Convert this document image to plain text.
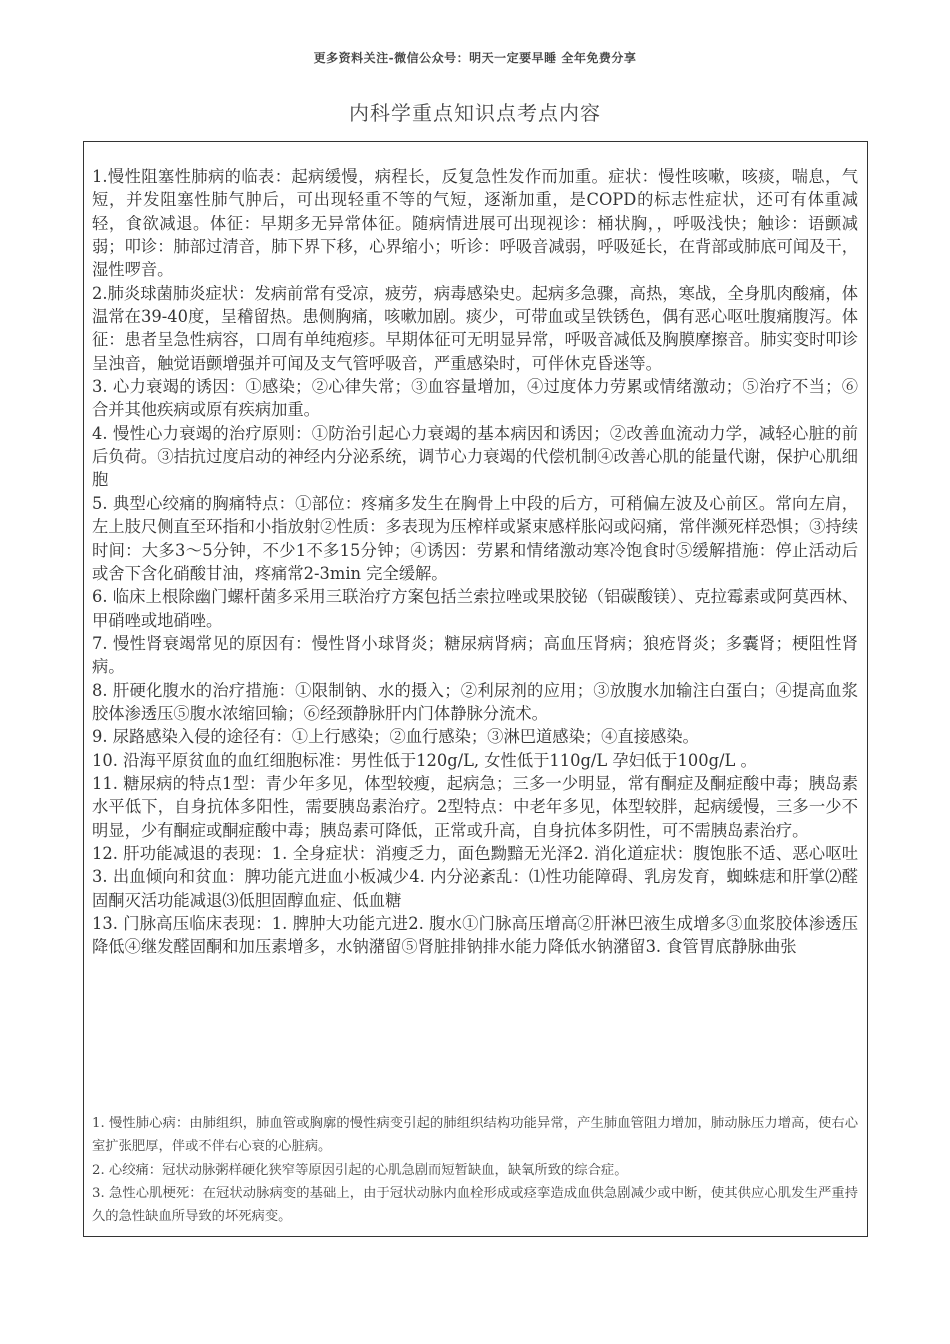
更多资料关注-微信公众号：明天一定要早睡 全年免费分享
内科学重点知识点考点内容

1.慢性阻塞性肺病的临表：起病缓慢，病程长，反复急性发作而加重。症状：慢性咳嗽，咳痰，喘息，气短，并发阻塞性肺气肿后，可出现轻重不等的气短，逐渐加重，是COPD的标志性症状，还可有体重减轻，食欲减退。体征：早期多无异常体征。随病情进展可出现视诊：桶状胸，，呼吸浅快；触诊：语颤减弱；叩诊：肺部过清音，肺下界下移，心界缩小；听诊：呼吸音减弱，呼吸延长，在背部或肺底可闻及干，湿性啰音。

2.肺炎球菌肺炎症状：发病前常有受凉，疲劳，病毒感染史。起病多急骤，高热，寒战，全身肌肉酸痛，体温常在39-40度，呈稽留热。患侧胸痛，咳嗽加剧。痰少，可带血或呈铁锈色，偶有恶心呕吐腹痛腹泻。体征：患者呈急性病容，口周有单纯疱疹。早期体征可无明显异常，呼吸音减低及胸膜摩擦音。肺实变时叩诊呈浊音，触觉语颤增强并可闻及支气管呼吸音，严重感染时，可伴休克昏迷等。

3. 心力衰竭的诱因：①感染；②心律失常；③血容量增加，④过度体力劳累或情绪激动；⑤治疗不当；⑥合并其他疾病或原有疾病加重。

4. 慢性心力衰竭的治疗原则：①防治引起心力衰竭的基本病因和诱因；②改善血流动力学，减轻心脏的前后负荷。③拮抗过度启动的神经内分泌系统，调节心力衰竭的代偿机制④改善心肌的能量代谢，保护心肌细胞

5. 典型心绞痛的胸痛特点：①部位：疼痛多发生在胸骨上中段的后方，可稍偏左波及心前区。常向左肩，左上肢尺侧直至环指和小指放射②性质：多表现为压榨样或紧束感样胀闷或闷痛，常伴濒死样恐惧；③持续时间：大多3～5分钟，不少1不多15分钟；④诱因：劳累和情绪激动寒冷饱食时⑤缓解措施：停止活动后或舍下含化硝酸甘油，疼痛常2-3min 完全缓解。

6. 临床上根除幽门螺杆菌多采用三联治疗方案包括兰索拉唑或果胶铋（铝碳酸镁）、克拉霉素或阿莫西林、甲硝唑或地硝唑。

7. 慢性肾衰竭常见的原因有：慢性肾小球肾炎；糖尿病肾病；高血压肾病；狼疮肾炎；多囊肾；梗阻性肾病。

8. 肝硬化腹水的治疗措施：①限制钠、水的摄入；②利尿剂的应用；③放腹水加输注白蛋白；④提高血浆胶体渗透压⑤腹水浓缩回输；⑥经颈静脉肝内门体静脉分流术。

9. 尿路感染入侵的途径有：①上行感染；②血行感染；③淋巴道感染；④直接感染。

10. 沿海平原贫血的血红细胞标准：男性低于120g/L, 女性低于110g/L 孕妇低于100g/L 。

11. 糖尿病的特点1型：青少年多见，体型较瘦，起病急；三多一少明显，常有酮症及酮症酸中毒；胰岛素水平低下，自身抗体多阳性，需要胰岛素治疗。2型特点：中老年多见，体型较胖，起病缓慢，三多一少不明显，少有酮症或酮症酸中毒；胰岛素可降低，正常或升高，自身抗体多阴性，可不需胰岛素治疗。

12. 肝功能减退的表现：1. 全身症状：消瘦乏力，面色黝黯无光泽2. 消化道症状：腹饱胀不适、恶心呕吐3. 出血倾向和贫血：脾功能亢进血小板减少4. 内分泌紊乱：⑴性功能障碍、乳房发育，蜘蛛痣和肝掌⑵醛固酮灭活功能减退⑶低胆固醇血症、低血糖

13. 门脉高压临床表现：1. 脾肿大功能亢进2. 腹水①门脉高压增高②肝淋巴液生成增多③血浆胶体渗透压降低④继发醛固酮和加压素增多，水钠潴留⑤肾脏排钠排水能力降低水钠潴留3. 食管胃底静脉曲张

1. 慢性肺心病：由肺组织，肺血管或胸廓的慢性病变引起的肺组织结构功能异常，产生肺血管阻力增加，肺动脉压力增高，使右心室扩张肥厚，伴或不伴右心衰的心脏病。

2. 心绞痛：冠状动脉粥样硬化狭窄等原因引起的心肌急剧而短暂缺血，缺氧所致的综合症。

3. 急性心肌梗死：在冠状动脉病变的基础上，由于冠状动脉内血栓形成或痉挛造成血供急剧减少或中断，使其供应心肌发生严重持久的急性缺血所导致的坏死病变。
